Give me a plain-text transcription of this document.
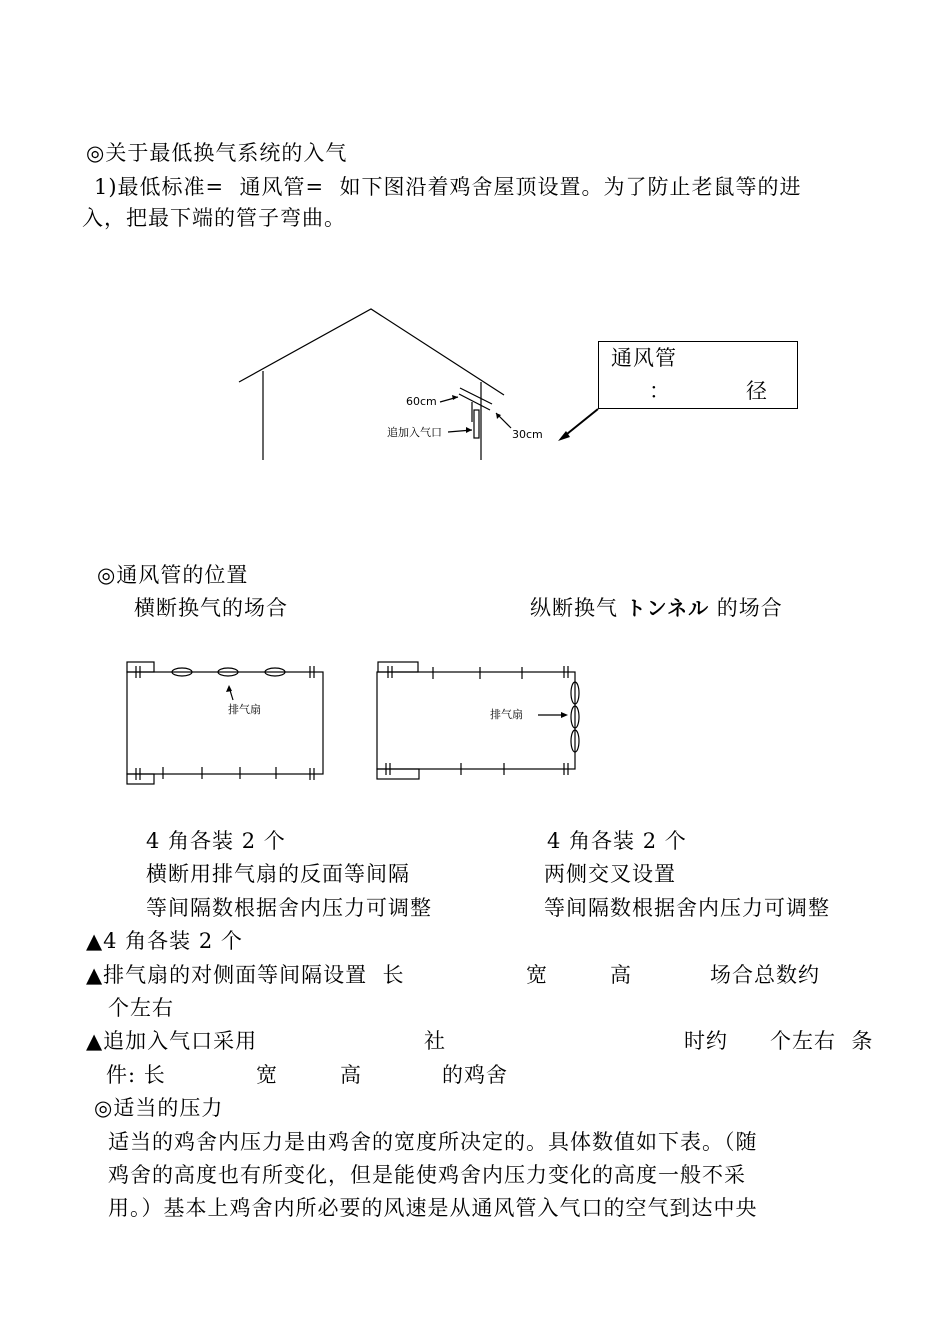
◎关于最低换气系统的入气
1)最低标准=  通风管=  如下图沿着鸡舍屋顶设置。为了防止老鼠等的进
入，把最下端的管子弯曲。
60cm
追加入气口	30cm
通风管
：	径
◎通风管的位置
横断换气的场合	纵断换气 トンネル 的场合
排气扇	排气扇
4 角各装 2 个
横断用排气扇的反面等间隔
等间隔数根据舍内压力可调整
4 角各装 2 个
两侧交叉设置
等间隔数根据舍内压力可调整
▲4 角各装 2 个
▲排气扇的对侧面等间隔设置  长	宽	高	场合总数约
个左右
▲追加入气口采用	社	时约 个左右  条
件: 长	宽	高	的鸡舍
◎适当的压力
适当的鸡舍内压力是由鸡舍的宽度所决定的。具体数值如下表。（随
鸡舍的高度也有所变化，但是能使鸡舍内压力变化的高度一般不采
用。）基本上鸡舍内所必要的风速是从通风管入气口的空气到达中央
